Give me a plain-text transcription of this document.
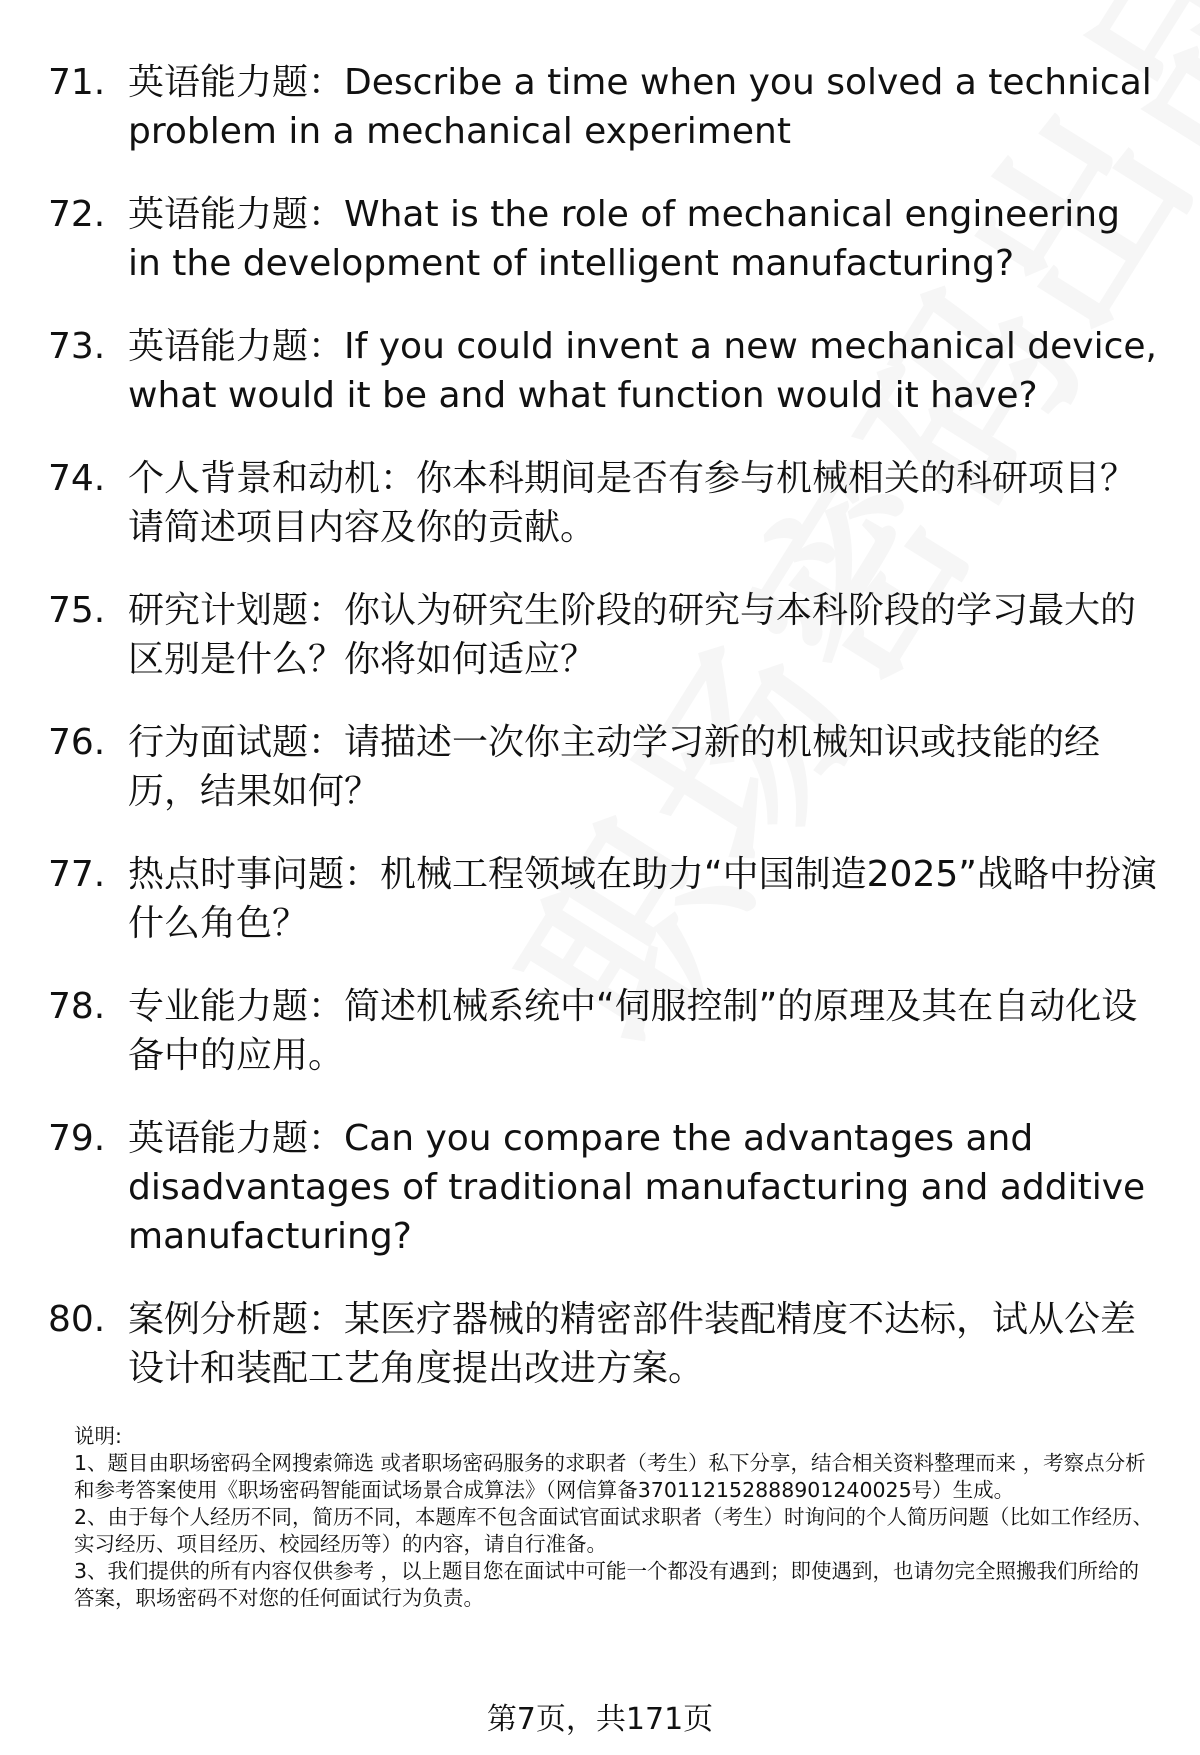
71. 英语能力题：Describe a time when you solved a technical problem in a mechanical experiment
72. 英语能力题：What is the role of mechanical engineering in the development of intelligent manufacturing?
73. 英语能力题：If you could invent a new mechanical device, what would it be and what function would it have?
74. 个人背景和动机：你本科期间是否有参与机械相关的科研项目？请简述项目内容及你的贡献。
75. 研究计划题：你认为研究生阶段的研究与本科阶段的学习最大的区别是什么？你将如何适应？
76. 行为面试题：请描述一次你主动学习新的机械知识或技能的经历，结果如何？
77. 热点时事问题：机械工程领域在助力“中国制造2025”战略中扮演什么角色？
78. 专业能力题：简述机械系统中“伺服控制”的原理及其在自动化设备中的应用。
79. 英语能力题：Can you compare the advantages and disadvantages of traditional manufacturing and additive manufacturing?
80. 案例分析题：某医疗器械的精密部件装配精度不达标，试从公差设计和装配工艺角度提出改进方案。

说明:

1、题目由职场密码全网搜索筛选 或者职场密码服务的求职者（考生）私下分享，结合相关资料整理而来 ，考察点分析和参考答案使用《职场密码智能面试场景合成算法》（网信算备370112152888901240025号）生成。

2、由于每个人经历不同，简历不同，本题库不包含面试官面试求职者（考生）时询问的个人简历问题（比如工作经历、实习经历、项目经历、校园经历等）的内容，请自行准备。

3、我们提供的所有内容仅供参考 ，以上题目您在面试中可能一个都没有遇到；即使遇到，也请勿完全照搬我们所给的答案，职场密码不对您的任何面试行为负责。

第7页，共171页
